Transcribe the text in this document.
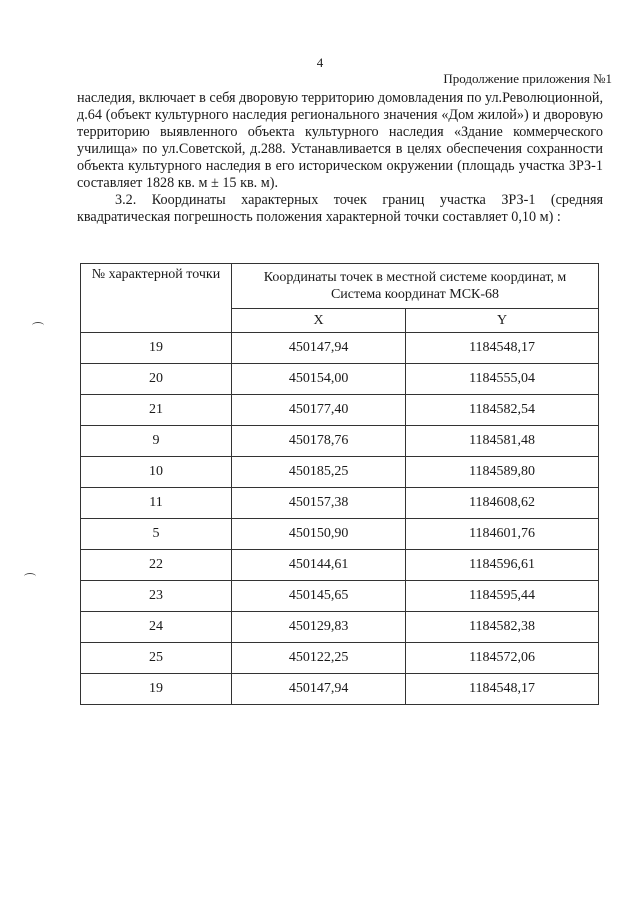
4
Продолжение приложения №1

наследия, включает в себя дворовую территорию домовладения по ул.Революционной, д.64 (объект культурного наследия регионального значения «Дом жилой») и дворовую территорию выявленного объекта культурного наследия «Здание коммерческого училища» по ул.Советской, д.288. Устанавливается в целях обеспечения сохранности объекта культурного наследия в его историческом окружении (площадь участка ЗРЗ-1 составляет 1828 кв. м ± 15 кв. м).

3.2. Координаты характерных точек границ участка ЗРЗ-1 (средняя квадратическая погрешность положения характерной точки составляет 0,10 м) :

№ характерной точки	Координаты точек в местной системе координат, м
Система координат МСК-68	
	X	Y
19	450147,94	1184548,17
20	450154,00	1184555,04
21	450177,40	1184582,54
9	450178,76	1184581,48
10	450185,25	1184589,80
11	450157,38	1184608,62
5	450150,90	1184601,76
22	450144,61	1184596,61
23	450145,65	1184595,44
24	450129,83	1184582,38
25	450122,25	1184572,06
19	450147,94	1184548,17
